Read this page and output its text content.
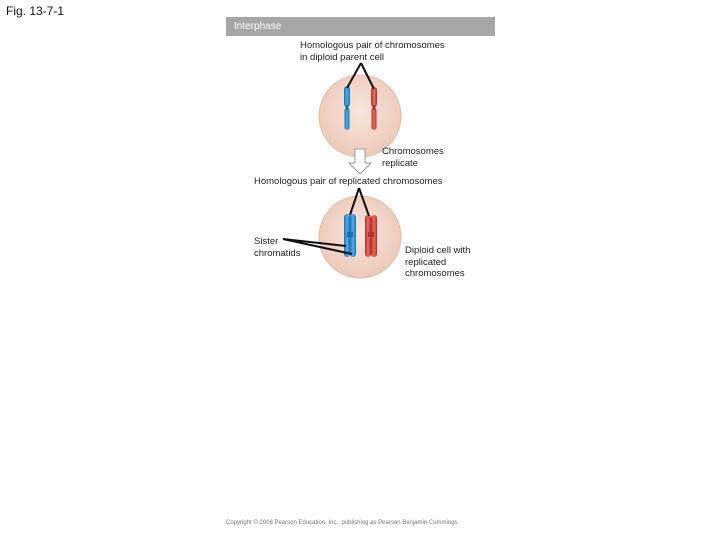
Fig. 13-7-1
Interphase
Homologous pair of chromosomes
in diploid parent cell
Chromosomes
replicate
Homologous pair of replicated chromosomes
Sister
chromatids	Diploid cell with
replicated
chromosomes
Copyright © 2008 Pearson Education, Inc., publishing as Pearson Benjamin Cummings.
